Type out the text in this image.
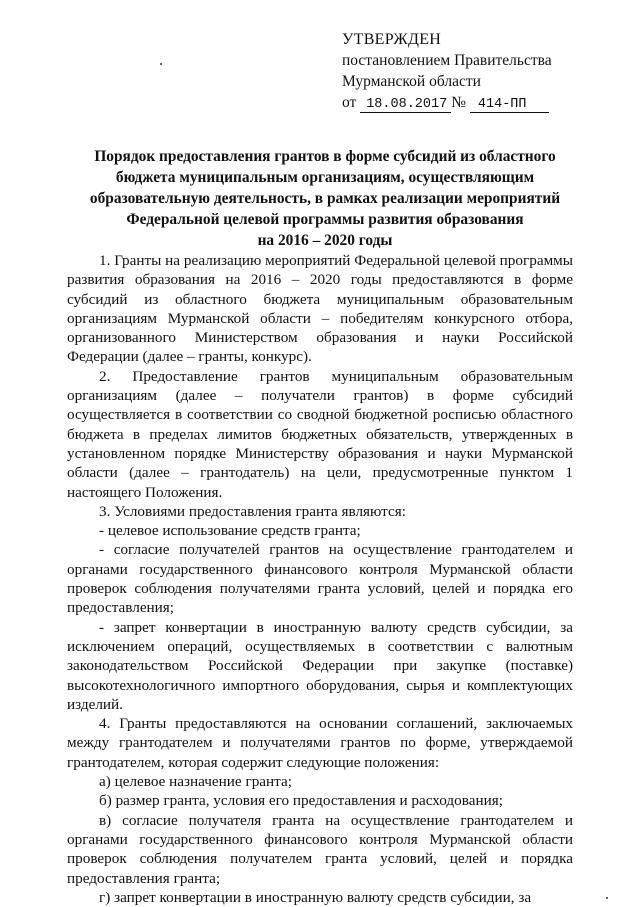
УТВЕРЖДЕН
постановлением Правительства
Мурманской области
от 18.08.2017 № 414-ПП
Порядок предоставления грантов в форме субсидий из областного
бюджета муниципальным организациям, осуществляющим
образовательную деятельность, в рамках реализации мероприятий
Федеральной целевой программы развития образования
на 2016 – 2020 годы

1. Гранты на реализацию мероприятий Федеральной целевой программы развития образования на 2016 – 2020 годы предоставляются в форме субсидий из областного бюджета муниципальным образовательным организациям Мурманской области – победителям конкурсного отбора, организованного Министерством образования и науки Российской Федерации (далее – гранты, конкурс).

2. Предоставление грантов муниципальным образовательным организациям (далее – получатели грантов) в форме субсидий осуществляется в соответствии со сводной бюджетной росписью областного бюджета в пределах лимитов бюджетных обязательств, утвержденных в установленном порядке Министерству образования и науки Мурманской области (далее – грантодатель) на цели, предусмотренные пунктом 1 настоящего Положения.

3. Условиями предоставления гранта являются:

- целевое использование средств гранта;

- согласие получателей грантов на осуществление грантодателем и органами государственного финансового контроля Мурманской области проверок соблюдения получателями гранта условий, целей и порядка его предоставления;

- запрет конвертации в иностранную валюту средств субсидии, за исключением операций, осуществляемых в соответствии с валютным законодательством Российской Федерации при закупке (поставке) высокотехнологичного импортного оборудования, сырья и комплектующих изделий.

4. Гранты предоставляются на основании соглашений, заключаемых между грантодателем и получателями грантов по форме, утверждаемой грантодателем, которая содержит следующие положения:

а) целевое назначение гранта;

б) размер гранта, условия его предоставления и расходования;

в) согласие получателя гранта на осуществление грантодателем и органами государственного финансового контроля Мурманской области проверок соблюдения получателем гранта условий, целей и порядка предоставления гранта;

г) запрет конвертации в иностранную валюту средств субсидии, за
